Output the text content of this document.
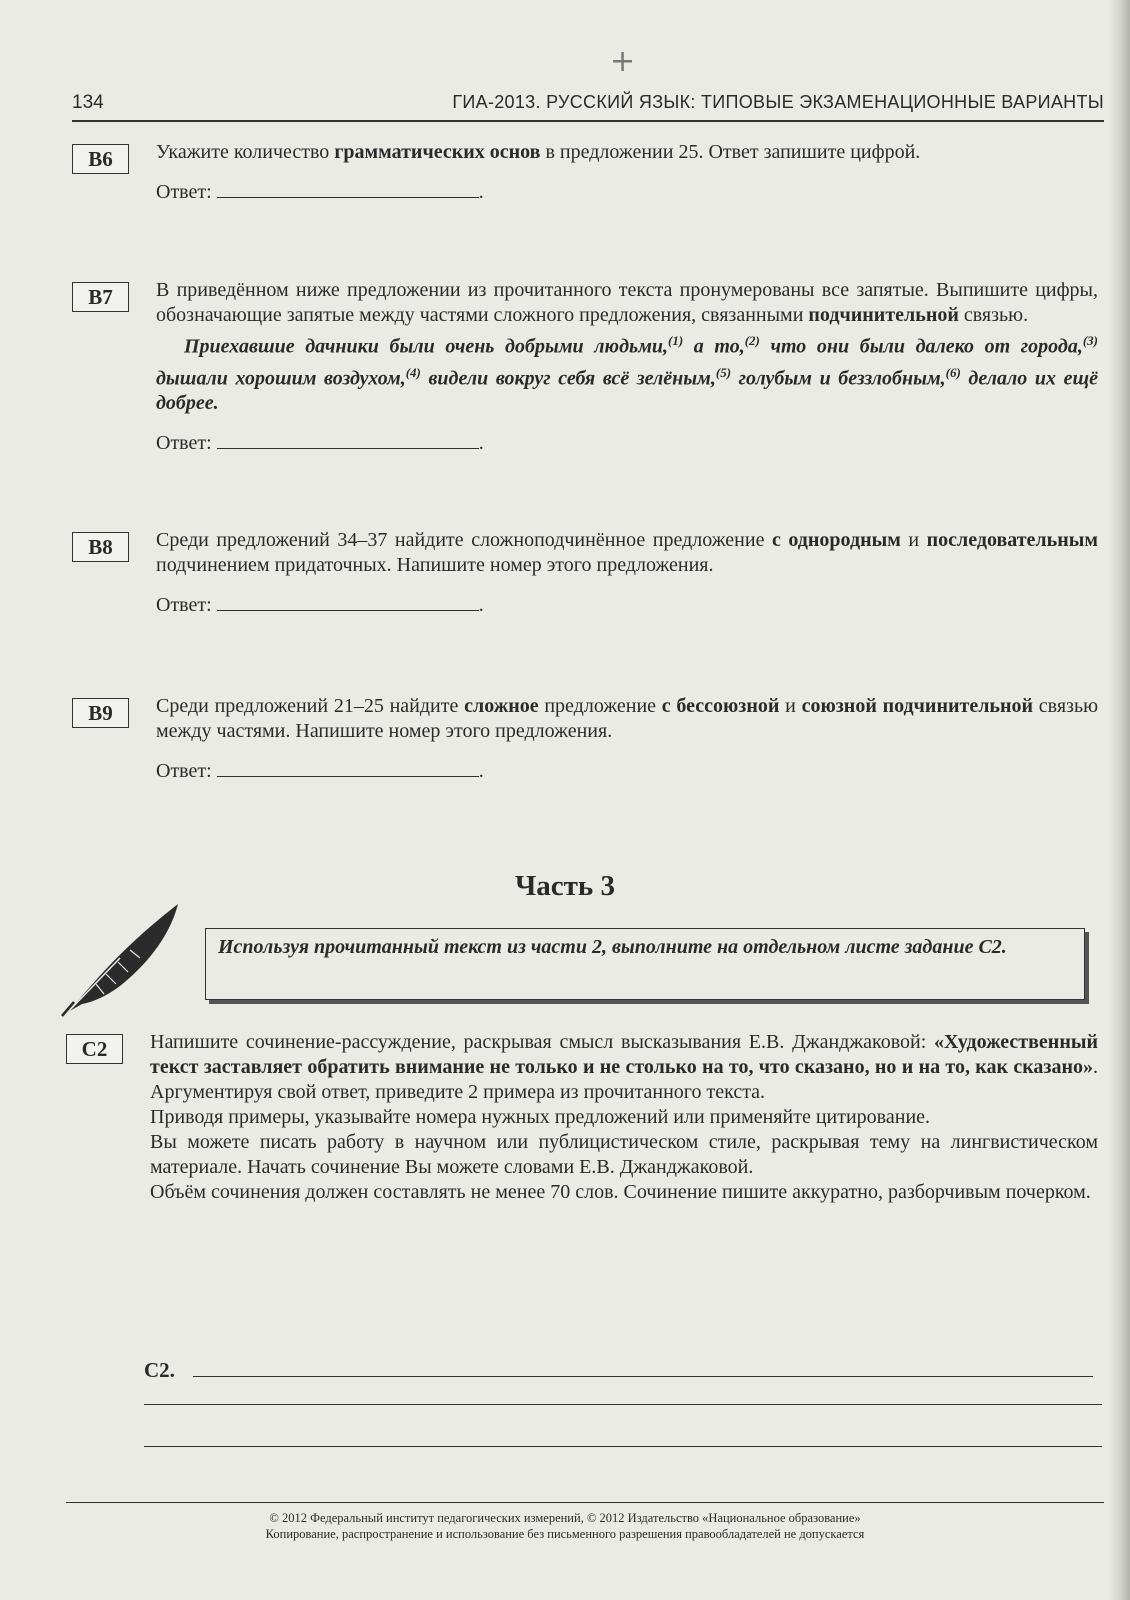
+
134	ГИА-2013. РУССКИЙ ЯЗЫК: ТИПОВЫЕ ЭКЗАМЕНАЦИОННЫЕ ВАРИАНТЫ
В6	Укажите количество грамматических основ в предложении 25. Ответ запишите цифрой.

Ответ:	.
В7	В приведённом ниже предложении из прочитанного текста пронумерованы все запятые. Выпишите цифры, обозначающие запятые между частями сложного предложения, связанными подчинительной связью.

Приехавшие дачники были очень добрыми людьми,$^{(1)}$ а то,$^{(2)}$ что они были далеко от города,$^{(3)}$ дышали хорошим воздухом,$^{(4)}$ видели вокруг себя всё зелёным,$^{(5)}$ голубым и беззлобным,$^{(6)}$ делало их ещё добрее.

Ответ:	.
В8	Среди предложений 34–37 найдите сложноподчинённое предложение с однородным и последовательным подчинением придаточных. Напишите номер этого предложения.

Ответ:	.
В9	Среди предложений 21–25 найдите сложное предложение с бессоюзной и союзной подчинительной связью между частями. Напишите номер этого предложения.

Ответ:	.
Часть 3
Используя прочитанный текст из части 2, выполните на отдельном листе задание С2.
С2	Напишите сочинение-рассуждение, раскрывая смысл высказывания Е.В. Джанджаковой: «Художественный текст заставляет обратить внимание не только и не столько на то, что сказано, но и на то, как сказано». Аргументируя свой ответ, приведите 2 примера из прочитанного текста.

Приводя примеры, указывайте номера нужных предложений или применяйте цитирование.

Вы можете писать работу в научном или публицистическом стиле, раскрывая тему на лингвистическом материале. Начать сочинение Вы можете словами Е.В. Джанджаковой.

Объём сочинения должен составлять не менее 70 слов. Сочинение пишите аккуратно, разборчивым почерком.

С2.
© 2012 Федеральный институт педагогических измерений, © 2012 Издательство «Национальное образование»
Копирование, распространение и использование без письменного разрешения правообладателей не допускается
